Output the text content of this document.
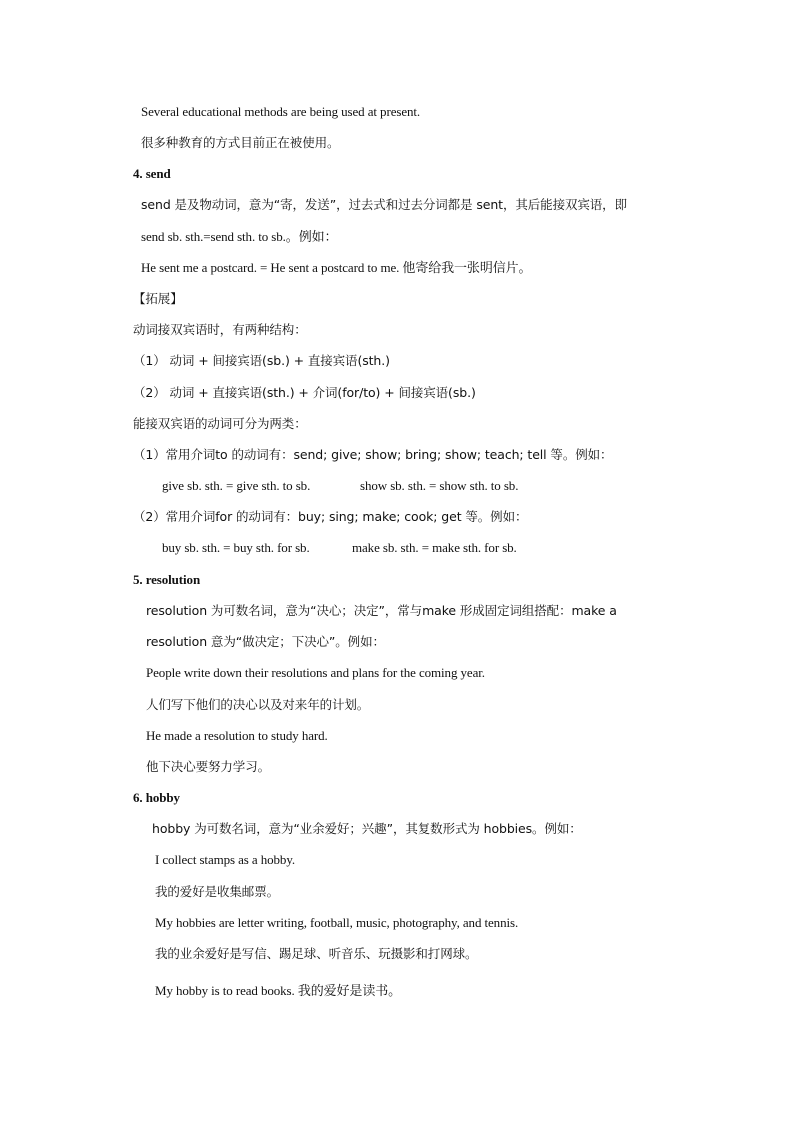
Several educational methods are being used at present.
很多种教育的方式目前正在被使用。
4. send
send 是及物动词，意为“寄，发送”，过去式和过去分词都是 sent，其后能接双宾语，即
send sb. sth.=send sth. to sb.。例如：
He sent me a postcard. = He sent a postcard to me. 他寄给我一张明信片。
【拓展】
动词接双宾语时，有两种结构：
（1） 动词 + 间接宾语(sb.) + 直接宾语(sth.)
（2） 动词 + 直接宾语(sth.) + 介词(for/to) + 间接宾语(sb.)
能接双宾语的动词可分为两类：
（1）常用介词to 的动词有：send; give; show; bring; show; teach; tell 等。例如：
give sb. sth. = give sth. to sb.	show sb. sth. = show sth. to sb.
（2）常用介词for 的动词有：buy; sing; make; cook; get 等。例如：
buy sb. sth. = buy sth. for sb.	make sb. sth. = make sth. for sb.
5. resolution
resolution 为可数名词，意为“决心；决定”，常与make 形成固定词组搭配：make a
resolution 意为“做决定；下决心”。例如：
People write down their resolutions and plans for the coming year.
人们写下他们的决心以及对来年的计划。
He made a resolution to study hard.
他下决心要努力学习。
6. hobby
hobby 为可数名词，意为“业余爱好；兴趣”，其复数形式为 hobbies。例如：
I collect stamps as a hobby.
我的爱好是收集邮票。
My hobbies are letter writing, football, music, photography, and tennis.
我的业余爱好是写信、踢足球、听音乐、玩摄影和打网球。
My hobby is to read books. 我的爱好是读书。
